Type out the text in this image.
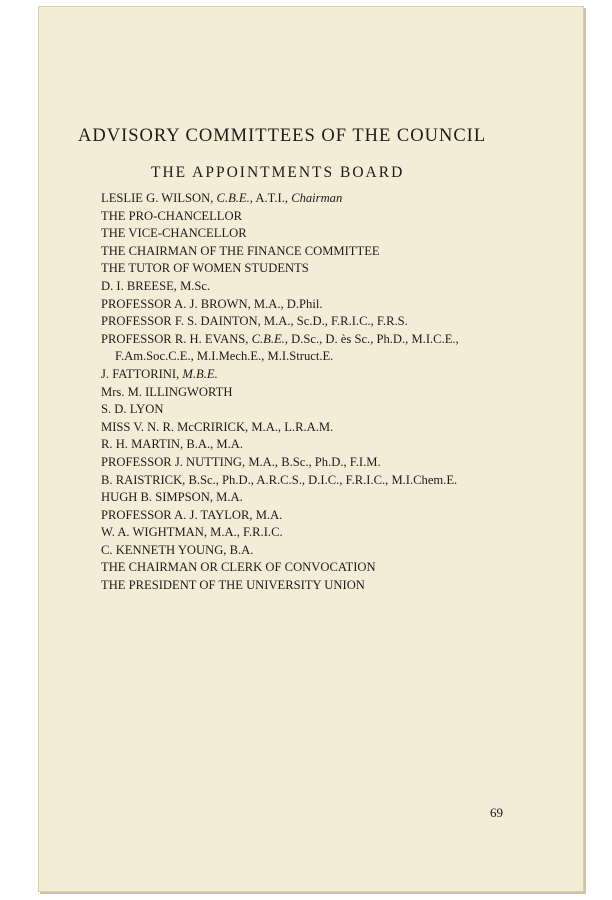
ADVISORY COMMITTEES OF THE COUNCIL
THE APPOINTMENTS BOARD
LESLIE G. WILSON, C.B.E., A.T.I., Chairman
THE PRO-CHANCELLOR
THE VICE-CHANCELLOR
THE CHAIRMAN OF THE FINANCE COMMITTEE
THE TUTOR OF WOMEN STUDENTS
D. I. BREESE, M.Sc.
PROFESSOR A. J. BROWN, M.A., D.Phil.
PROFESSOR F. S. DAINTON, M.A., Sc.D., F.R.I.C., F.R.S.
PROFESSOR R. H. EVANS, C.B.E., D.Sc., D. ès Sc., Ph.D., M.I.C.E.,
F.Am.Soc.C.E., M.I.Mech.E., M.I.Struct.E.
J. FATTORINI, M.B.E.
Mrs. M. ILLINGWORTH
S. D. LYON
MISS V. N. R. McCRIRICK, M.A., L.R.A.M.
R. H. MARTIN, B.A., M.A.
PROFESSOR J. NUTTING, M.A., B.Sc., Ph.D., F.I.M.
B. RAISTRICK, B.Sc., Ph.D., A.R.C.S., D.I.C., F.R.I.C., M.I.Chem.E.
HUGH B. SIMPSON, M.A.
PROFESSOR A. J. TAYLOR, M.A.
W. A. WIGHTMAN, M.A., F.R.I.C.
C. KENNETH YOUNG, B.A.
THE CHAIRMAN OR CLERK OF CONVOCATION
THE PRESIDENT OF THE UNIVERSITY UNION
69
